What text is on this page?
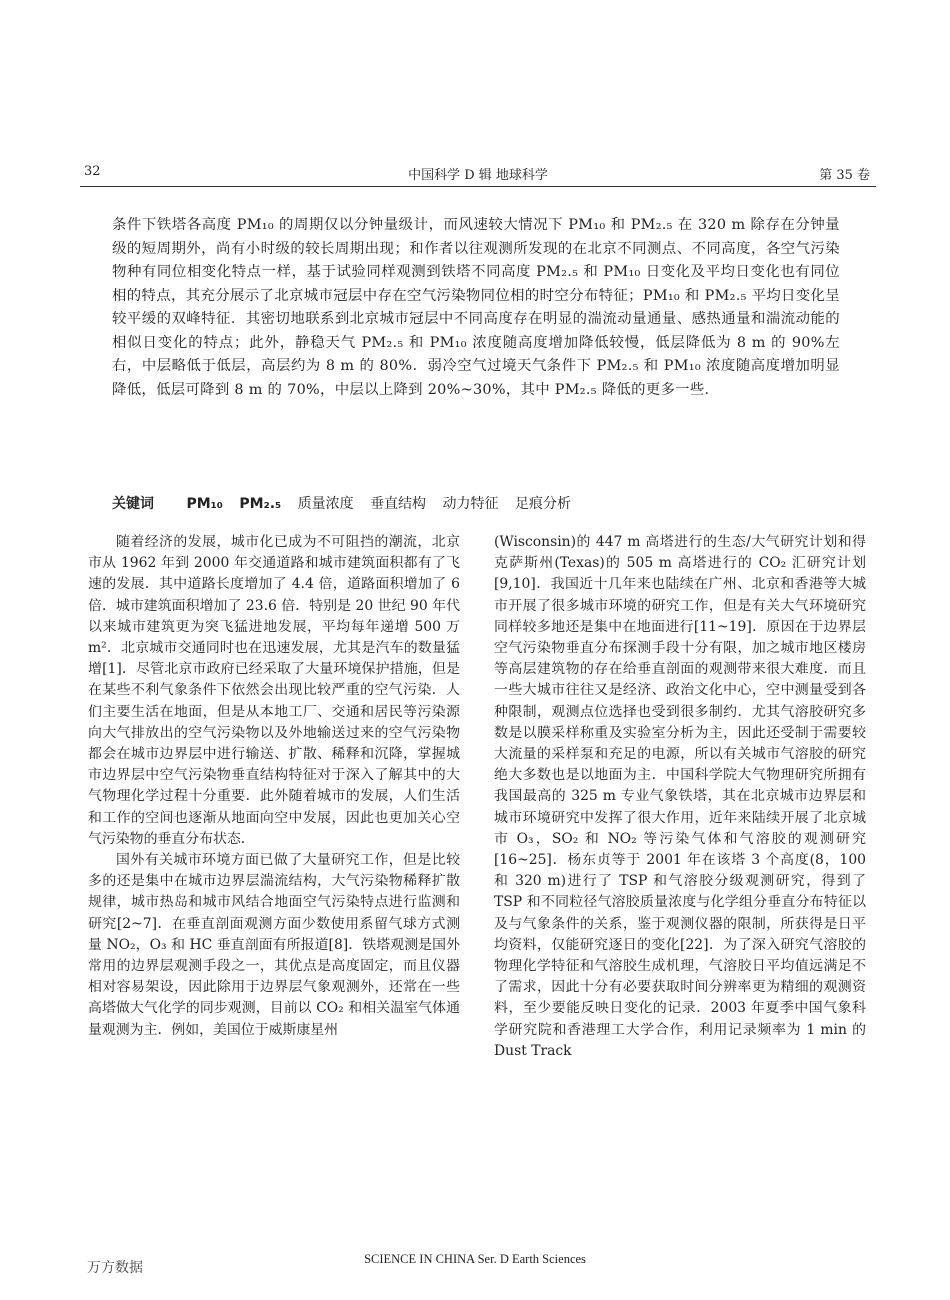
32	中国科学 D 辑 地球科学	第 35 卷

条件下铁塔各高度 PM₁₀ 的周期仅以分钟量级计，而风速较大情况下 PM₁₀ 和 PM₂.₅ 在 320 m 除存在分钟量级的短周期外，尚有小时级的较长周期出现；和作者以往观测所发现的在北京不同测点、不同高度，各空气污染物种有同位相变化特点一样，基于试验同样观测到铁塔不同高度 PM₂.₅ 和 PM₁₀ 日变化及平均日变化也有同位相的特点，其充分展示了北京城市冠层中存在空气污染物同位相的时空分布特征；PM₁₀ 和 PM₂.₅ 平均日变化呈较平缓的双峰特征．其密切地联系到北京城市冠层中不同高度存在明显的湍流动量通量、感热通量和湍流动能的相似日变化的特点；此外，静稳天气 PM₂.₅ 和 PM₁₀ 浓度随高度增加降低较慢，低层降低为 8 m 的 90%左右，中层略低于低层，高层约为 8 m 的 80%．弱冷空气过境天气条件下 PM₂.₅ 和 PM₁₀ 浓度随高度增加明显降低，低层可降到 8 m 的 70%，中层以上降到 20%~30%，其中 PM₂.₅ 降低的更多一些．

关键词 PM₁₀ PM₂.₅ 质量浓度 垂直结构 动力特征 足痕分析

随着经济的发展，城市化已成为不可阻挡的潮流，北京市从 1962 年到 2000 年交通道路和城市建筑面积都有了飞速的发展．其中道路长度增加了 4.4 倍，道路面积增加了 6 倍．城市建筑面积增加了 23.6 倍．特别是 20 世纪 90 年代以来城市建筑更为突飞猛进地发展，平均每年递增 500 万 m²．北京城市交通同时也在迅速发展，尤其是汽车的数量猛增[1]．尽管北京市政府已经采取了大量环境保护措施，但是在某些不利气象条件下依然会出现比较严重的空气污染．人们主要生活在地面，但是从本地工厂、交通和居民等污染源向大气排放出的空气污染物以及外地输送过来的空气污染物都会在城市边界层中进行输送、扩散、稀释和沉降，掌握城市边界层中空气污染物垂直结构特征对于深入了解其中的大气物理化学过程十分重要．此外随着城市的发展，人们生活和工作的空间也逐渐从地面向空中发展，因此也更加关心空气污染物的垂直分布状态．

国外有关城市环境方面已做了大量研究工作，但是比较多的还是集中在城市边界层湍流结构，大气污染物稀释扩散规律，城市热岛和城市风结合地面空气污染特点进行监测和研究[2~7]．在垂直剖面观测方面少数使用系留气球方式测量 NO₂，O₃ 和 HC 垂直剖面有所报道[8]．铁塔观测是国外常用的边界层观测手段之一，其优点是高度固定，而且仪器相对容易架设，因此除用于边界层气象观测外，还常在一些高塔做大气化学的同步观测，目前以 CO₂ 和相关温室气体通量观测为主．例如，美国位于威斯康星州

(Wisconsin)的 447 m 高塔进行的生态/大气研究计划和得克萨斯州(Texas)的 505 m 高塔进行的 CO₂ 汇研究计划[9,10]．我国近十几年来也陆续在广州、北京和香港等大城市开展了很多城市环境的研究工作，但是有关大气环境研究同样较多地还是集中在地面进行[11~19]．原因在于边界层空气污染物垂直分布探测手段十分有限，加之城市地区楼房等高层建筑物的存在给垂直剖面的观测带来很大难度．而且一些大城市往往又是经济、政治文化中心，空中测量受到各种限制，观测点位选择也受到很多制约．尤其气溶胶研究多数是以膜采样称重及实验室分析为主，因此还受制于需要较大流量的采样泵和充足的电源，所以有关城市气溶胶的研究绝大多数也是以地面为主．中国科学院大气物理研究所拥有我国最高的 325 m 专业气象铁塔，其在北京城市边界层和城市环境研究中发挥了很大作用，近年来陆续开展了北京城市 O₃，SO₂ 和 NO₂ 等污染气体和气溶胶的观测研究[16~25]．杨东贞等于 2001 年在该塔 3 个高度(8，100 和 320 m)进行了 TSP 和气溶胶分级观测研究，得到了 TSP 和不同粒径气溶胶质量浓度与化学组分垂直分布特征以及与气象条件的关系，鉴于观测仪器的限制，所获得是日平均资料，仅能研究逐日的变化[22]．为了深入研究气溶胶的物理化学特征和气溶胶生成机理，气溶胶日平均值远满足不了需求，因此十分有必要获取时间分辨率更为精细的观测资料，至少要能反映日变化的记录．2003 年夏季中国气象科学研究院和香港理工大学合作，利用记录频率为 1 min 的 Dust Track

万方数据
SCIENCE IN CHINA Ser. D Earth Sciences
